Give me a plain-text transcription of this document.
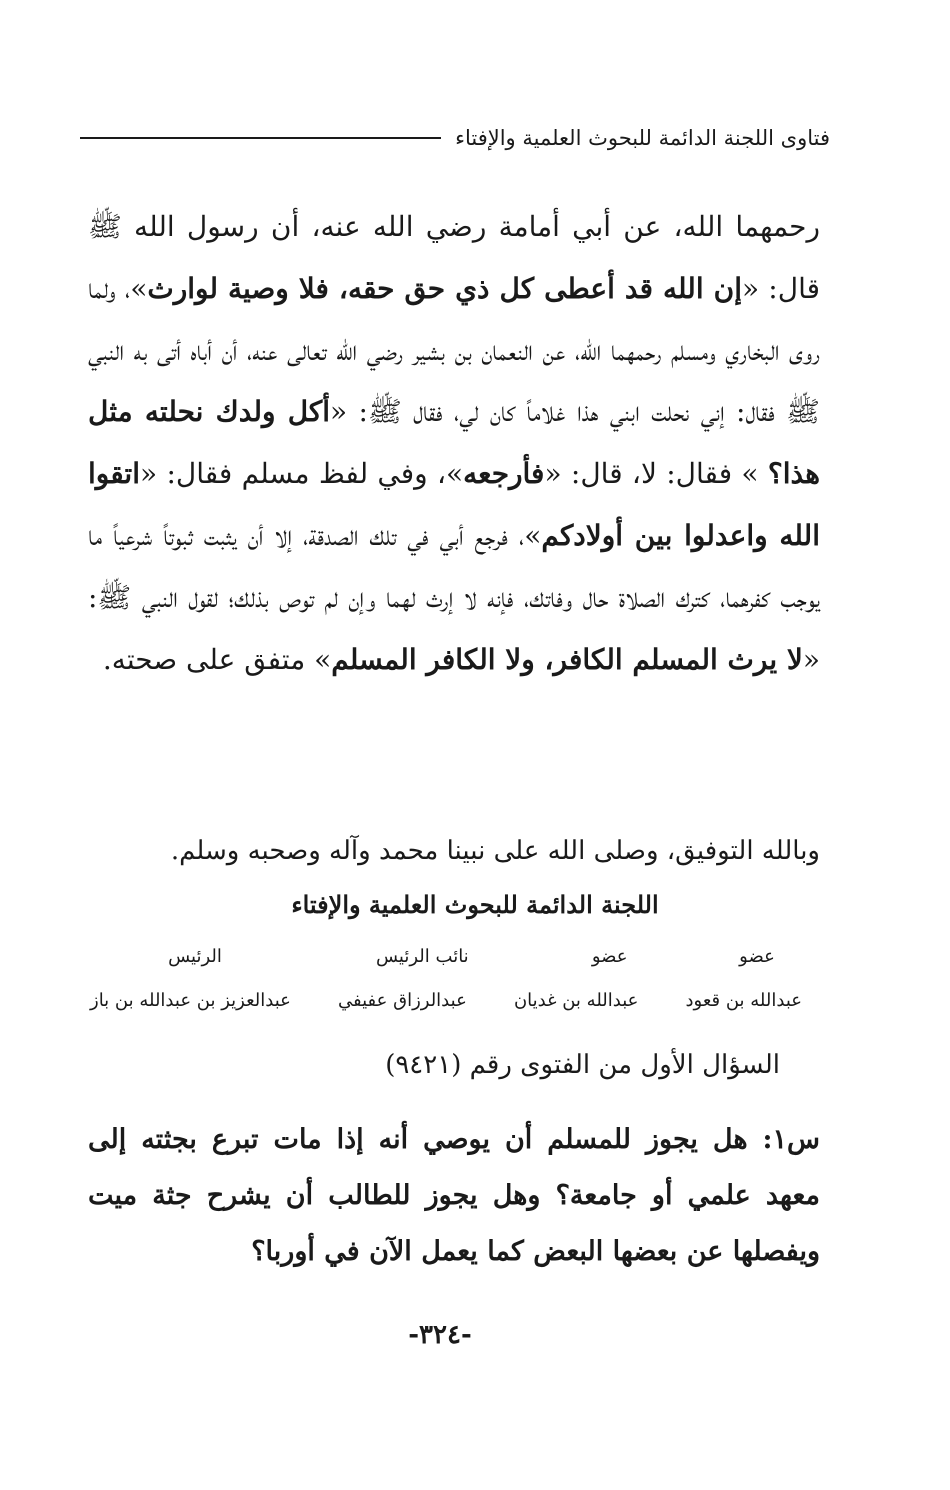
فتاوى اللجنة الدائمة للبحوث العلمية والإفتاء
رحمهما الله، عن أبي أمامة رضي الله عنه، أن رسول الله ﷺ قال: «إن الله قد أعطى كل ذي حق حقه، فلا وصية لوارث»، ولما روى البخاري ومسلم رحمهما الله، عن النعمان بن بشير رضي الله تعالى عنه، أن أباه أتى به النبي ﷺ فقال: إني نحلت ابني هذا غلاماً كان لي، فقال ﷺ: «أكل ولدك نحلته مثل هذا؟ » فقال: لا، قال: «فأرجعه»، وفي لفظ مسلم فقال: «اتقوا الله واعدلوا بين أولادكم»، فرجع أبي في تلك الصدقة، إلا أن يثبت ثبوتاً شرعياً ما يوجب كفرهما، كترك الصلاة حال وفاتك، فإنه لا إرث لهما وإن لم توص بذلك؛ لقول النبي ﷺ: «لا يرث المسلم الكافر، ولا الكافر المسلم» متفق على صحته.
وبالله التوفيق، وصلى الله على نبينا محمد وآله وصحبه وسلم.
اللجنة الدائمة للبحوث العلمية والإفتاء
عضو
عضو
نائب الرئيس
الرئيس
عبدالله بن قعود
عبدالله بن غديان
عبدالرزاق عفيفي
عبدالعزيز بن عبدالله بن باز
السؤال الأول من الفتوى رقم (٩٤٢١)
س١: هل يجوز للمسلم أن يوصي أنه إذا مات تبرع بجثته إلى معهد علمي أو جامعة؟ وهل يجوز للطالب أن يشرح جثة ميت ويفصلها عن بعضها البعض كما يعمل الآن في أوربا؟
-٣٢٤-
